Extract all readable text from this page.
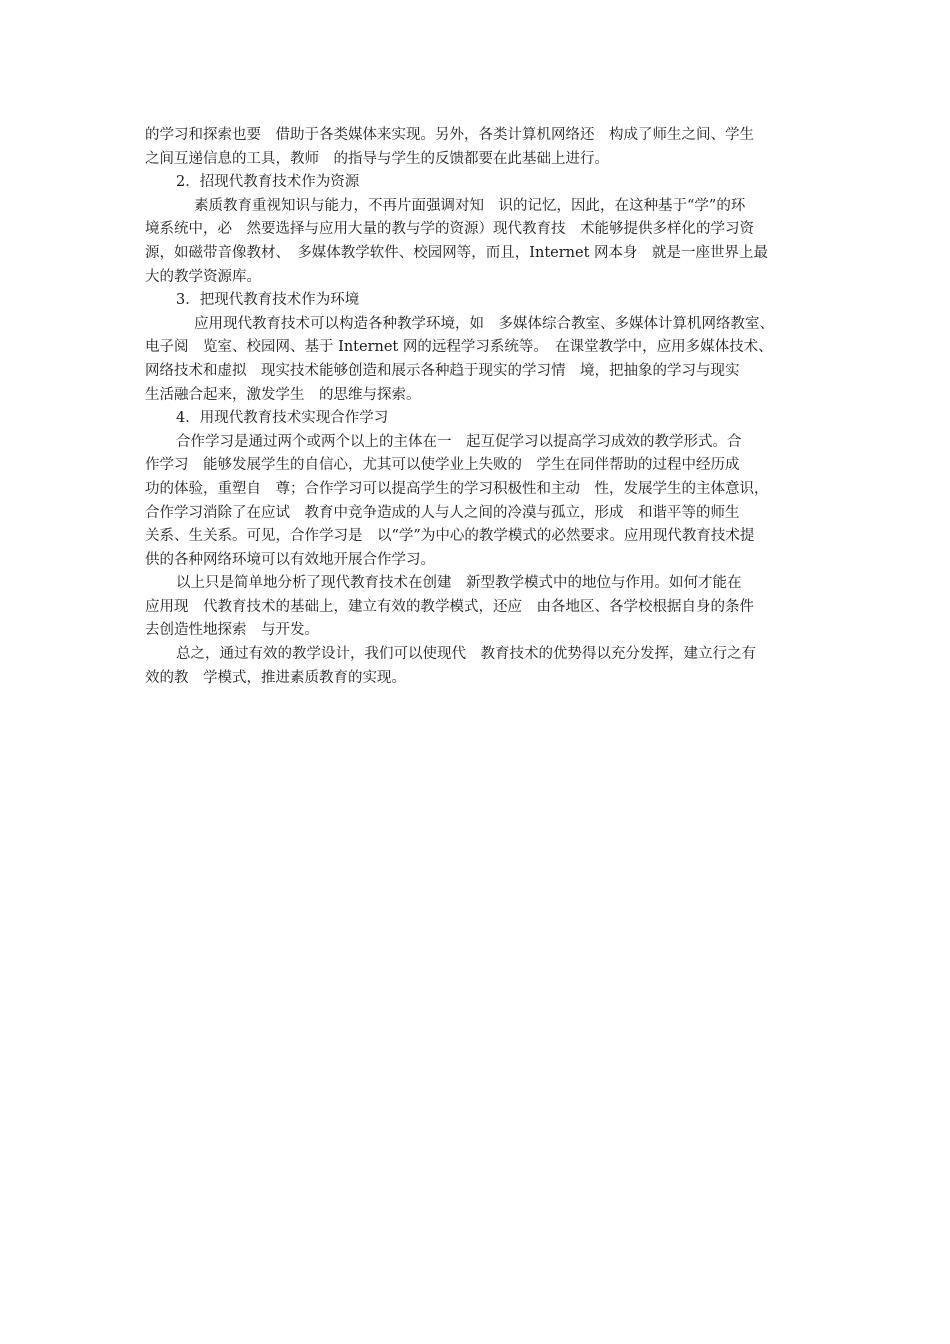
的学习和探索也要　借助于各类媒体来实现。另外，各类计算机网络还　构成了师生之间、学生
之间互递信息的工具，教师　的指导与学生的反馈都要在此基础上进行。
2．招现代教育技术作为资源
素质教育重视知识与能力，不再片面强调对知　识的记忆，因此，在这种基于“学”的环
境系统中，必　然要选择与应用大量的教与学的资源）现代教育技　术能够提供多样化的学习资
源，如磁带音像教材、　多媒体教学软件、校园网等，而且，Internet 网本身　就是一座世界上最
大的教学资源库。
3．把现代教育技术作为环境
应用现代教育技术可以构造各种教学环境，如　多媒体综合教室、多媒体计算机网络教室、
电子阅　览室、校园网、基于 Internet 网的远程学习系统等。　在课堂教学中，应用多媒体技术、
网络技术和虚拟　现实技术能够创造和展示各种趋于现实的学习情　境，把抽象的学习与现实
生活融合起来，激发学生　的思维与探索。
4．用现代教育技术实现合作学习
合作学习是通过两个或两个以上的主体在一　起互促学习以提高学习成效的教学形式。合
作学习　能够发展学生的自信心，尤其可以使学业上失败的　学生在同伴帮助的过程中经历成
功的体验，重塑自　尊；合作学习可以提高学生的学习积极性和主动　性，发展学生的主体意识，
合作学习消除了在应试　教育中竞争造成的人与人之间的冷漠与孤立，形成　和谐平等的师生
关系、生关系。可见，合作学习是　以“学”为中心的教学模式的必然要求。应用现代教育技术提
供的各种网络环境可以有效地开展合作学习。
以上只是简单地分析了现代教育技术在创建　新型教学模式中的地位与作用。如何才能在
应用现　代教育技术的基础上，建立有效的教学模式，还应　由各地区、各学校根据自身的条件
去创造性地探索　与开发。
总之，通过有效的教学设计，我们可以使现代　教育技术的优势得以充分发挥，建立行之有
效的教　学模式，推进素质教育的实现。
